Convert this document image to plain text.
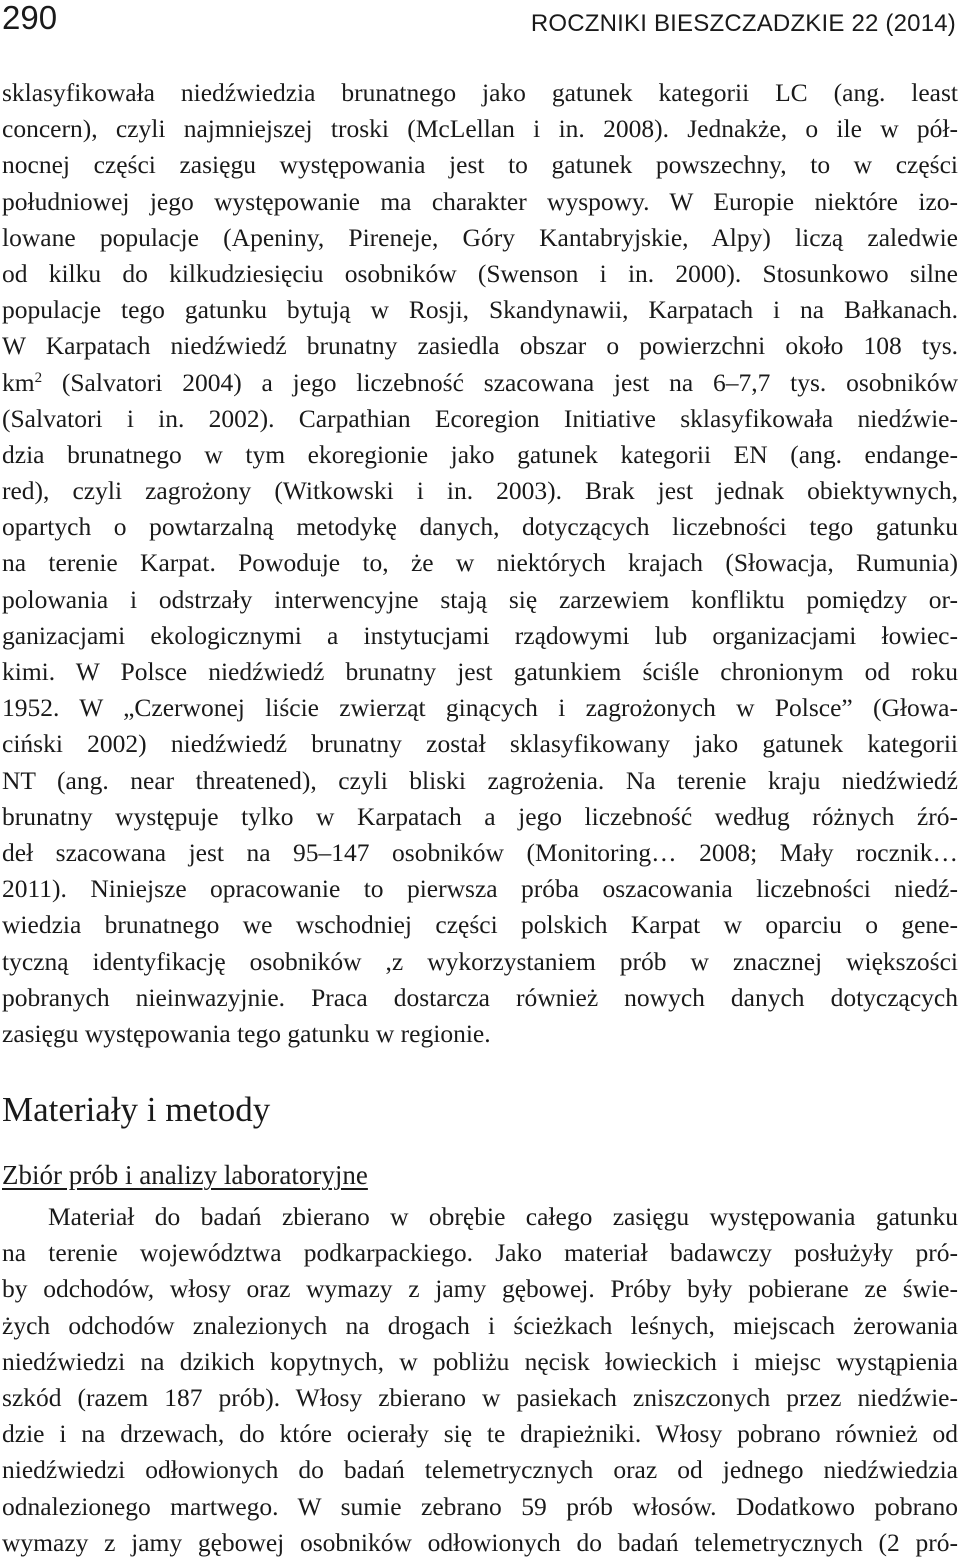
290	ROCZNIKI BIESZCZADZKIE 22 (2014)
sklasyfikowała niedźwiedzia brunatnego jako gatunek kategorii LC (ang. least
concern), czyli najmniejszej troski (McLellan i in. 2008). Jednakże, o ile w pół-
nocnej części zasięgu występowania jest to gatunek powszechny, to w części
południowej jego występowanie ma charakter wyspowy. W Europie niektóre izo-
lowane populacje (Apeniny, Pireneje, Góry Kantabryjskie, Alpy) liczą zaledwie
od kilku do kilkudziesięciu osobników (Swenson i in. 2000). Stosunkowo silne
populacje tego gatunku bytują w Rosji, Skandynawii, Karpatach i na Bałkanach.
W Karpatach niedźwiedź brunatny zasiedla obszar o powierzchni około 108 tys.
$km^2$ (Salvatori 2004) a jego liczebność szacowana jest na 6–7,7 tys. osobników
(Salvatori i in. 2002). Carpathian Ecoregion Initiative sklasyfikowała niedźwie-
dzia brunatnego w tym ekoregionie jako gatunek kategorii EN (ang. endange-
red), czyli zagrożony (Witkowski i in. 2003). Brak jest jednak obiektywnych,
opartych o powtarzalną metodykę danych, dotyczących liczebności tego gatunku
na terenie Karpat. Powoduje to, że w niektórych krajach (Słowacja, Rumunia)
polowania i odstrzały interwencyjne stają się zarzewiem konfliktu pomiędzy or-
ganizacjami ekologicznymi a instytucjami rządowymi lub organizacjami łowiec-
kimi. W Polsce niedźwiedź brunatny jest gatunkiem ściśle chronionym od roku
1952. W „Czerwonej liście zwierząt ginących i zagrożonych w Polsce” (Głowa-
ciński 2002) niedźwiedź brunatny został sklasyfikowany jako gatunek kategorii
NT (ang. near threatened), czyli bliski zagrożenia. Na terenie kraju niedźwiedź
brunatny występuje tylko w Karpatach a jego liczebność według różnych źró-
deł szacowana jest na 95–147 osobników (Monitoring… 2008; Mały rocznik…
2011). Niniejsze opracowanie to pierwsza próba oszacowania liczebności niedź-
wiedzia brunatnego we wschodniej części polskich Karpat w oparciu o gene-
tyczną identyfikację osobników ,z wykorzystaniem prób w znacznej większości
pobranych nieinwazyjnie. Praca dostarcza również nowych danych dotyczących
zasięgu występowania tego gatunku w regionie.
Materiały i metody
Zbiór prób i analizy laboratoryjne
Materiał do badań zbierano w obrębie całego zasięgu występowania gatunku
na terenie województwa podkarpackiego. Jako materiał badawczy posłużyły pró-
by odchodów, włosy oraz wymazy z jamy gębowej. Próby były pobierane ze świe-
żych odchodów znalezionych na drogach i ścieżkach leśnych, miejscach żerowania
niedźwiedzi na dzikich kopytnych, w pobliżu nęcisk łowieckich i miejsc wystąpienia
szkód (razem 187 prób). Włosy zbierano w pasiekach zniszczonych przez niedźwie-
dzie i na drzewach, do które ocierały się te drapieżniki. Włosy pobrano również od
niedźwiedzi odłowionych do badań telemetrycznych oraz od jednego niedźwiedzia
odnalezionego martwego. W sumie zebrano 59 prób włosów. Dodatkowo pobrano
wymazy z jamy gębowej osobników odłowionych do badań telemetrycznych (2 pró-
